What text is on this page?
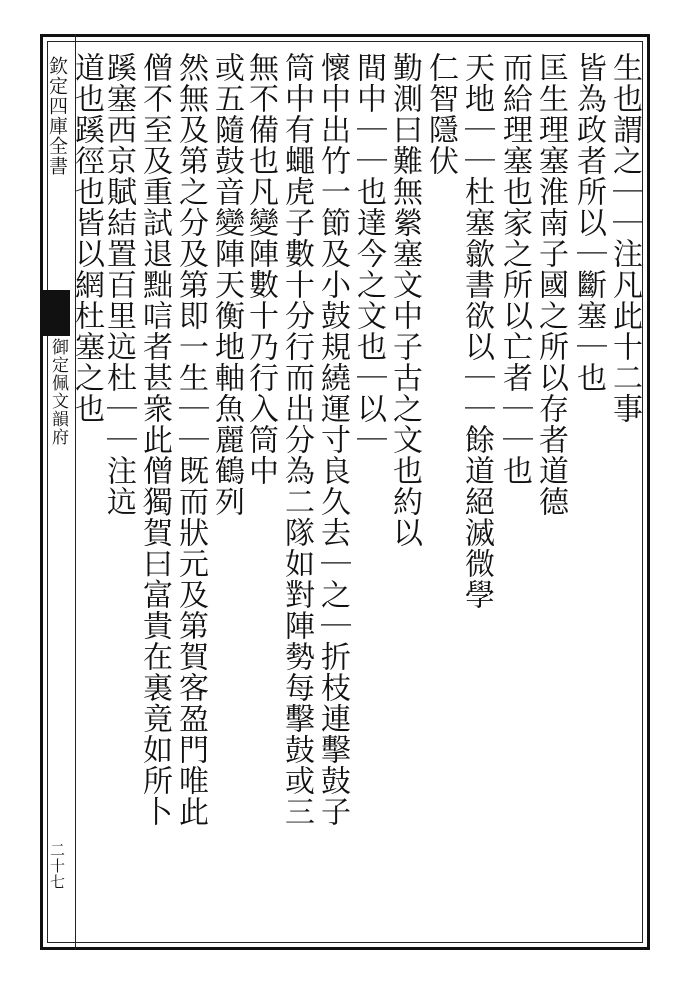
欽定四庫全書
御定佩文韻府
二十七
生也謂之｜｜注凡此十二事
皆為政者所以｜斷塞｜也
匡生理塞淮南子國之所以存者道德
而給理塞也家之所以亡者｜｜也
天地｜｜杜塞歙書欲以｜｜餘道絕滅微學
仁智隱伏
勤測曰難無縈塞文中子古之文也約以
間中｜｜也達今之文也｜以｜
懷中出竹一節及小鼓規繞運寸良久去｜之｜折枝連擊鼓子
筒中有蠅虎子數十分行而出分為二隊如對陣勢每擊鼓或三
無不備也凡變陣數十乃行入筒中
或五隨鼓音變陣天衡地軸魚麗鶴列
然無及第之分及第即一生｜｜既而狀元及第賀客盈門唯此
僧不至及重試退黜唁者甚衆此僧獨賀曰富貴在裏竟如所卜
蹊塞西京賦結置百里迒杜｜｜注迒
道也蹊徑也皆以網杜塞之也
